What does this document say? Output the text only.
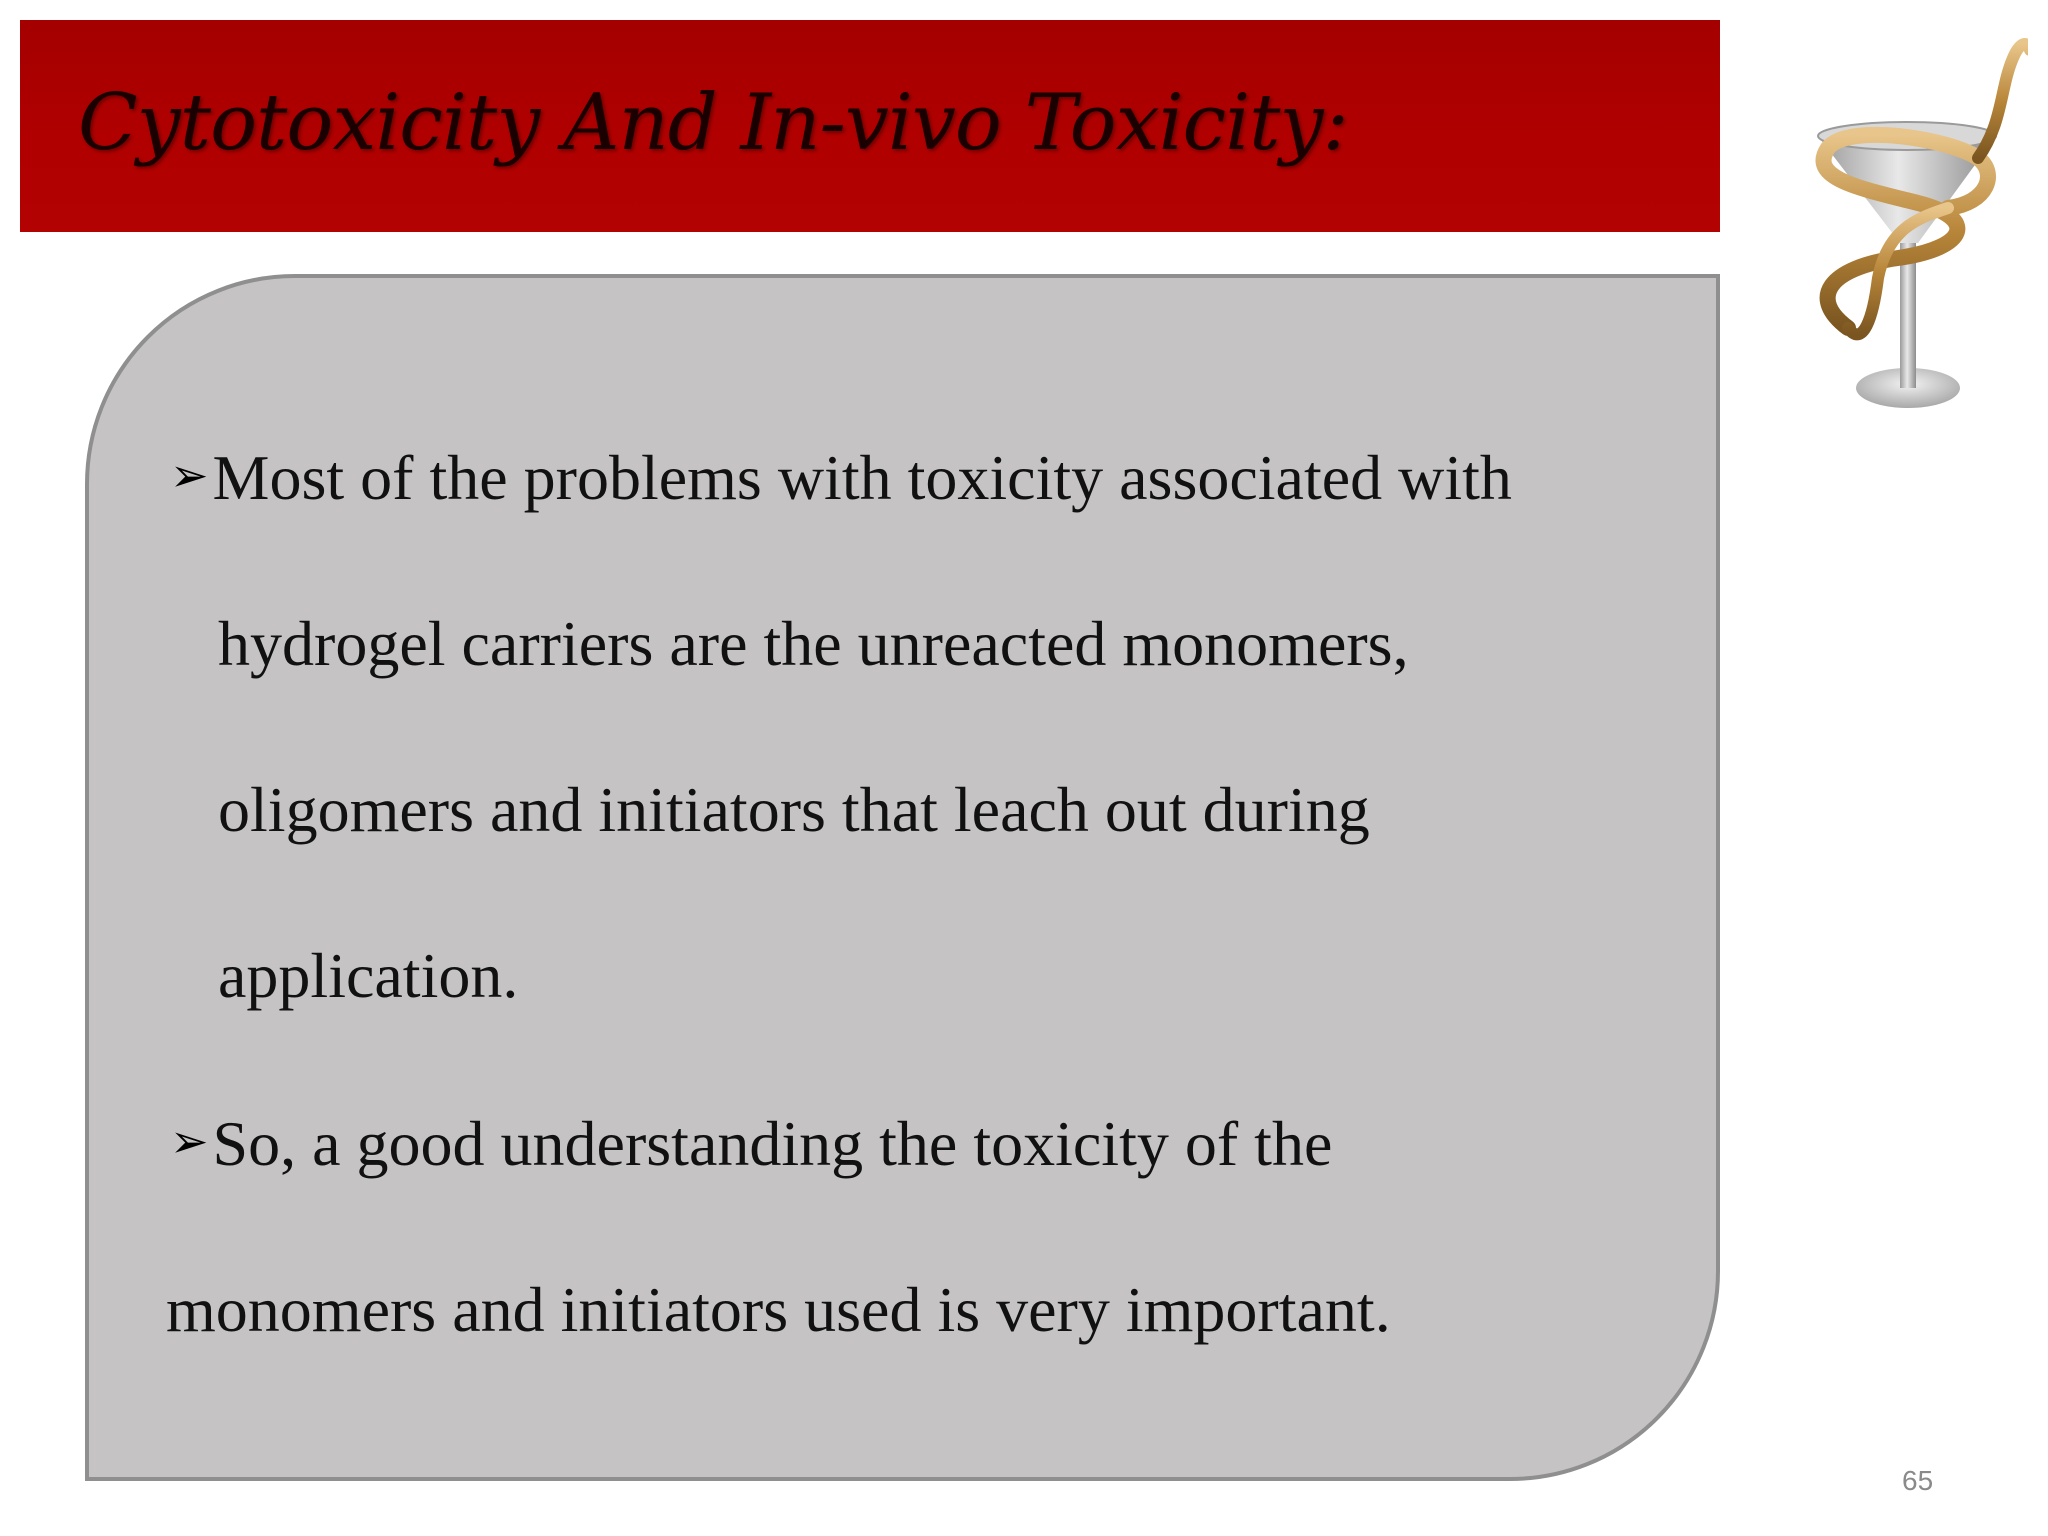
Cytotoxicity And In-vivo Toxicity:
➢Most of the problems with toxicity associated with
hydrogel carriers are the unreacted monomers,
oligomers and initiators that leach out during
application.
➢So, a good understanding the toxicity of the
monomers and initiators used is very important.
65
